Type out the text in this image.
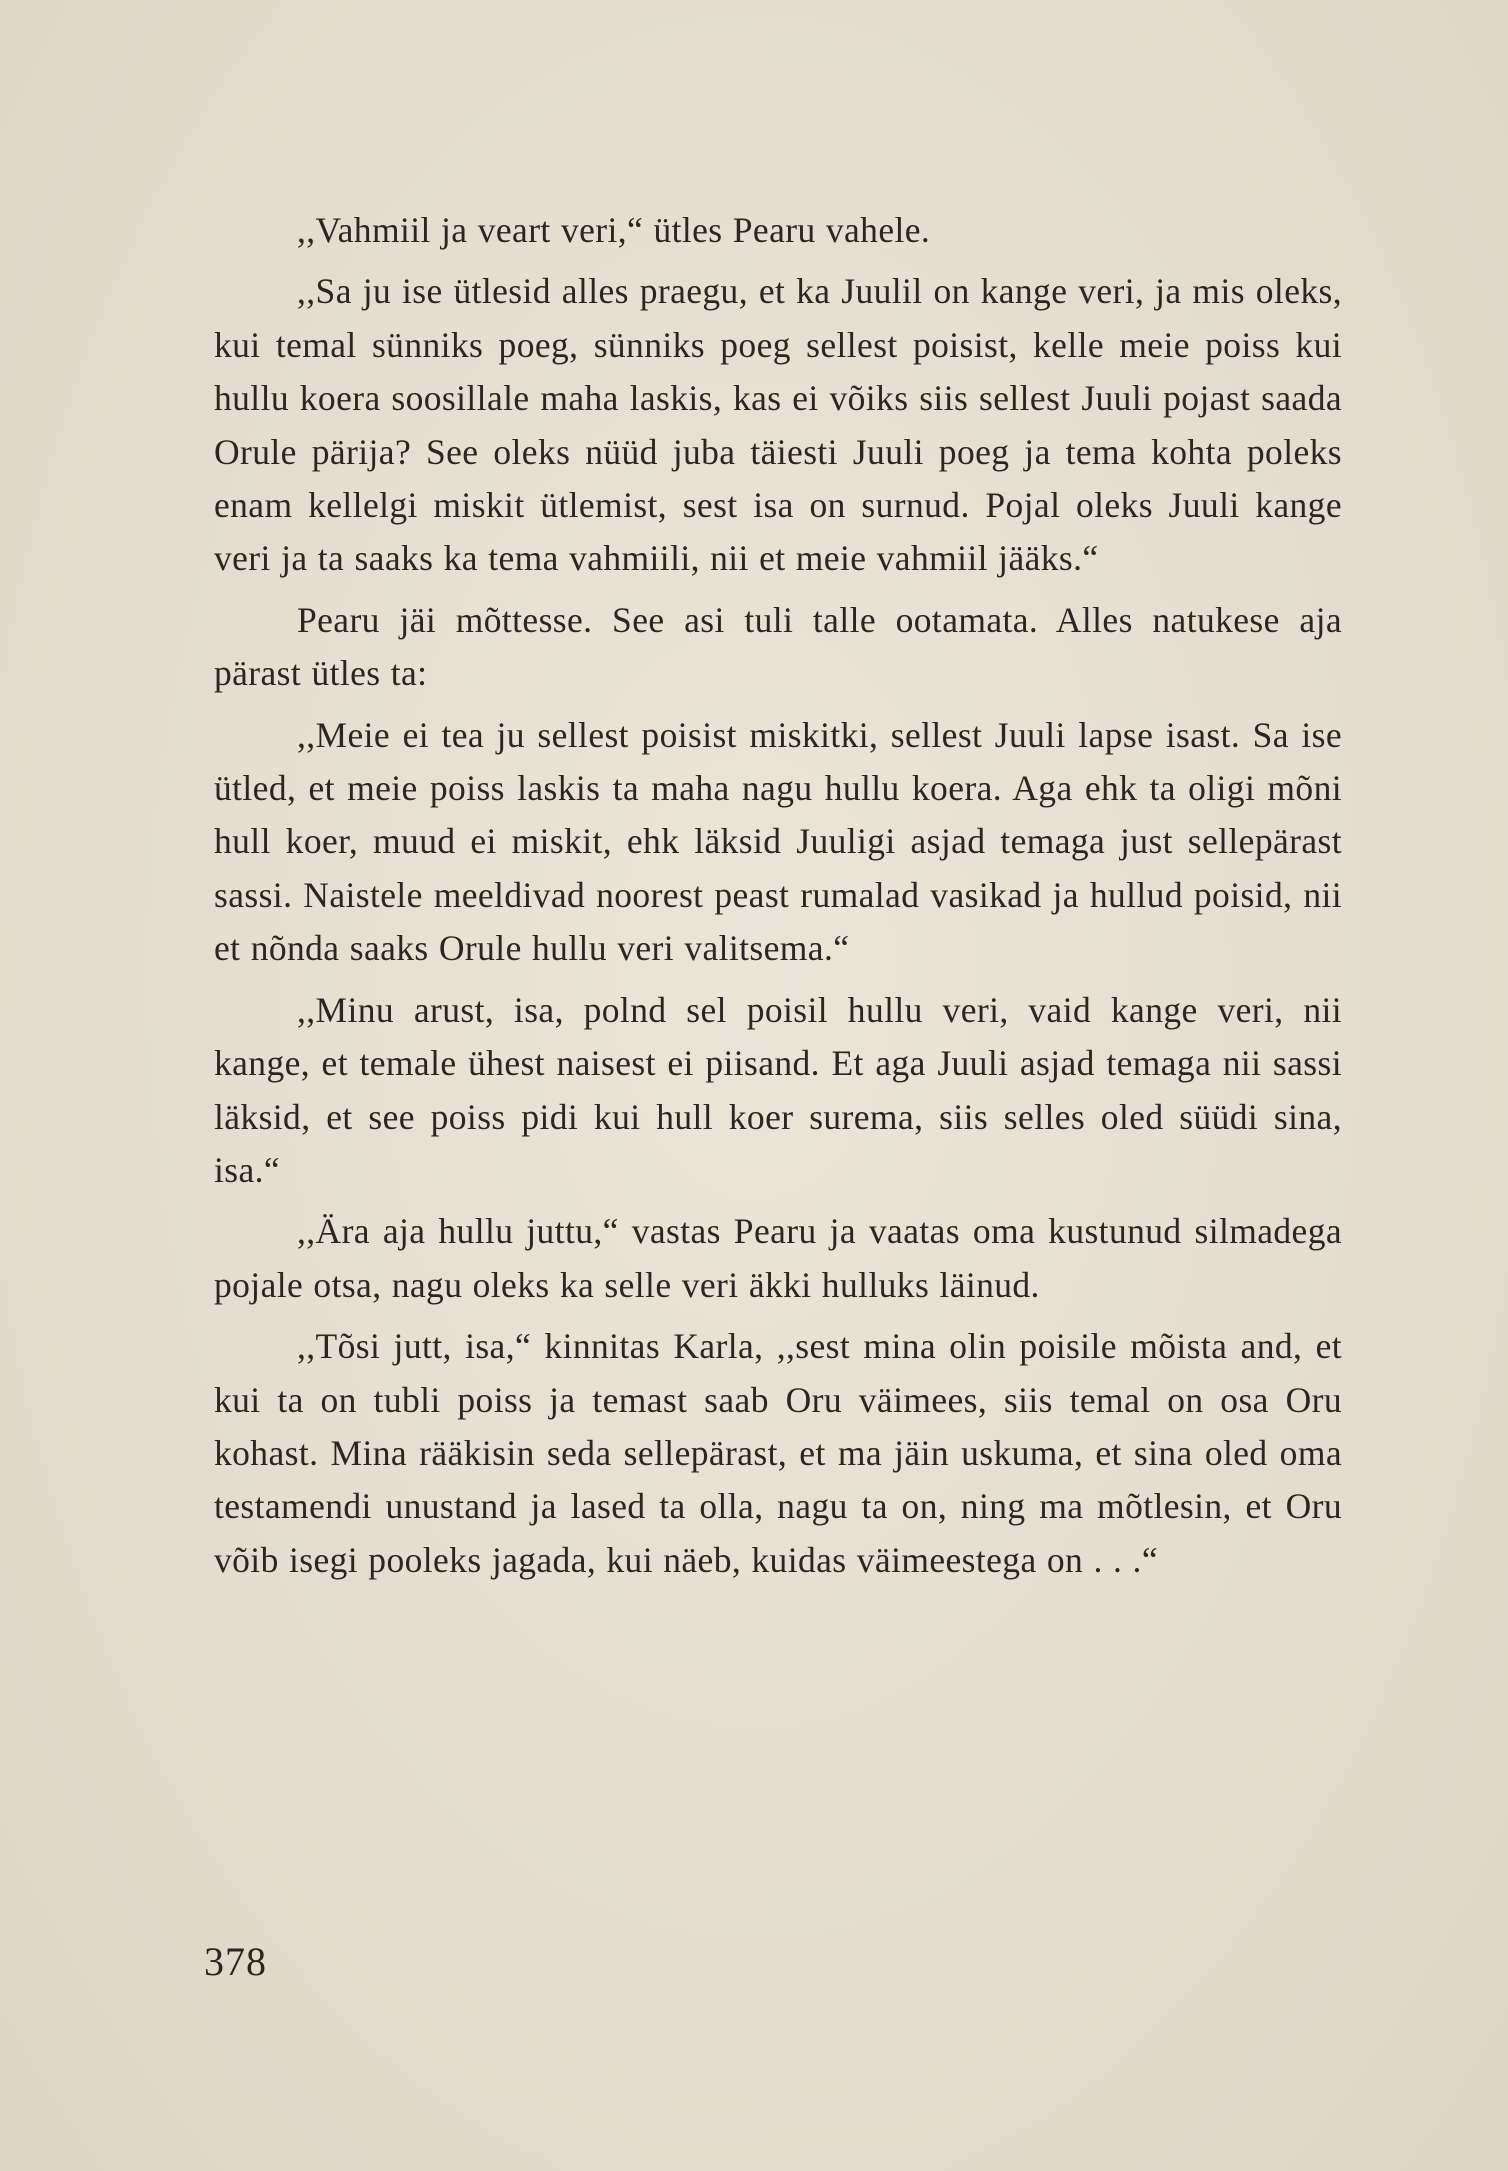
,,Vahmiil ja veart veri,“ ütles Pearu vahele.

,,Sa ju ise ütlesid alles praegu, et ka Juulil on kange veri, ja mis oleks, kui temal sünniks poeg, sünniks poeg sellest poisist, kelle meie poiss kui hullu koera soosillale maha laskis, kas ei võiks siis sellest Juuli pojast saada Orule pärija? See oleks nüüd juba täiesti Juuli poeg ja tema kohta poleks enam kellelgi miskit ütlemist, sest isa on surnud. Pojal oleks Juuli kange veri ja ta saaks ka tema vahmiili, nii et meie vahmiil jääks.“

Pearu jäi mõttesse. See asi tuli talle ootamata. Alles natukese aja pärast ütles ta:

,,Meie ei tea ju sellest poisist miskitki, sellest Juuli lapse isast. Sa ise ütled, et meie poiss laskis ta maha nagu hullu koera. Aga ehk ta oligi mõni hull koer, muud ei miskit, ehk läksid Juuligi asjad temaga just sellepärast sassi. Naistele meeldivad noorest peast rumalad vasikad ja hullud poisid, nii et nõnda saaks Orule hullu veri valitsema.“

,,Minu arust, isa, polnd sel poisil hullu veri, vaid kange veri, nii kange, et temale ühest naisest ei piisand. Et aga Juuli asjad temaga nii sassi läksid, et see poiss pidi kui hull koer surema, siis selles oled süüdi sina, isa.“

,,Ära aja hullu juttu,“ vastas Pearu ja vaatas oma kustunud silmadega pojale otsa, nagu oleks ka selle veri äkki hulluks läinud.

,,Tõsi jutt, isa,“ kinnitas Karla, ,,sest mina olin poisile mõista and, et kui ta on tubli poiss ja temast saab Oru väimees, siis temal on osa Oru kohast. Mina rääkisin seda sellepärast, et ma jäin uskuma, et sina oled oma testamendi unustand ja lased ta olla, nagu ta on, ning ma mõtlesin, et Oru võib isegi pooleks jagada, kui näeb, kuidas väimeestega on . . .“

378
